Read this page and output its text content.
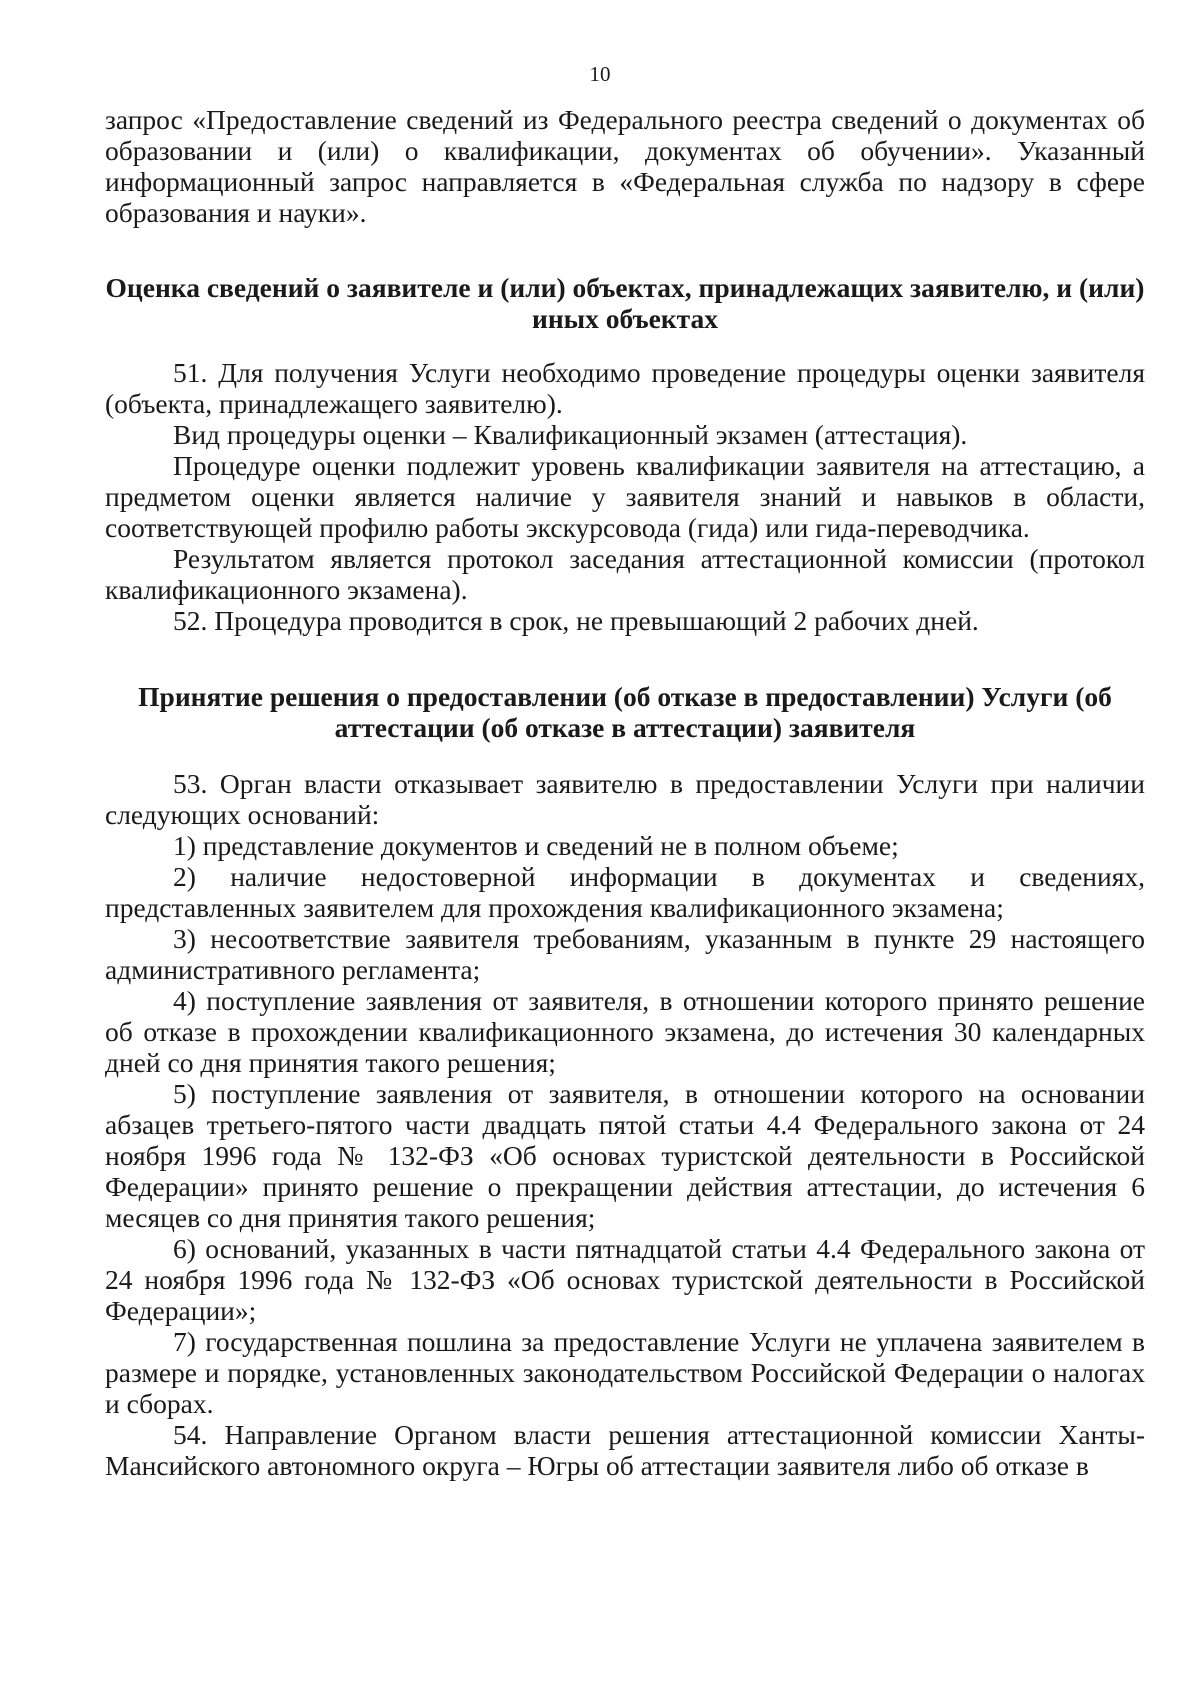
10

запрос «Предоставление сведений из Федерального реестра сведений о документах об образовании и (или) о квалификации, документах об обучении». Указанный информационный запрос направляется в «Федеральная служба по надзору в сфере образования и науки».

Оценка сведений о заявителе и (или) объектах, принадлежащих заявителю, и (или) иных объектах

51. Для получения Услуги необходимо проведение процедуры оценки заявителя (объекта, принадлежащего заявителю).

Вид процедуры оценки – Квалификационный экзамен (аттестация).

Процедуре оценки подлежит уровень квалификации заявителя на аттестацию, а предметом оценки является наличие у заявителя знаний и навыков в области, соответствующей профилю работы экскурсовода (гида) или гида-переводчика.

Результатом является протокол заседания аттестационной комиссии (протокол квалификационного экзамена).

52. Процедура проводится в срок, не превышающий 2 рабочих дней.

Принятие решения о предоставлении (об отказе в предоставлении) Услуги (об аттестации (об отказе в аттестации) заявителя

53. Орган власти отказывает заявителю в предоставлении Услуги при наличии следующих оснований:

1) представление документов и сведений не в полном объеме;

2) наличие недостоверной информации в документах и сведениях, представленных заявителем для прохождения квалификационного экзамена;

3) несоответствие заявителя требованиям, указанным в пункте 29 настоящего административного регламента;

4) поступление заявления от заявителя, в отношении которого принято решение об отказе в прохождении квалификационного экзамена, до истечения 30 календарных дней со дня принятия такого решения;

5) поступление заявления от заявителя, в отношении которого на основании абзацев третьего-пятого части двадцать пятой статьи 4.4 Федерального закона от 24 ноября 1996 года № 132-ФЗ «Об основах туристской деятельности в Российской Федерации» принято решение о прекращении действия аттестации, до истечения 6 месяцев со дня принятия такого решения;

6) оснований, указанных в части пятнадцатой статьи 4.4 Федерального закона от 24 ноября 1996 года № 132-ФЗ «Об основах туристской деятельности в Российской Федерации»;

7) государственная пошлина за предоставление Услуги не уплачена заявителем в размере и порядке, установленных законодательством Российской Федерации о налогах и сборах.

54. Направление Органом власти решения аттестационной комиссии Ханты-Мансийского автономного округа – Югры об аттестации заявителя либо об отказе в
